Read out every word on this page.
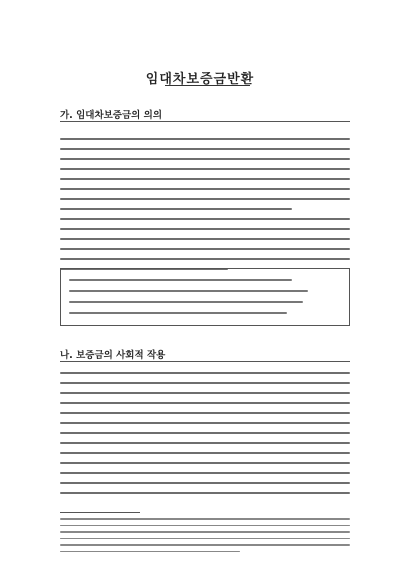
임대차보증금반환
가. 임대차보증금의 의의
나. 보증금의 사회적 작용
